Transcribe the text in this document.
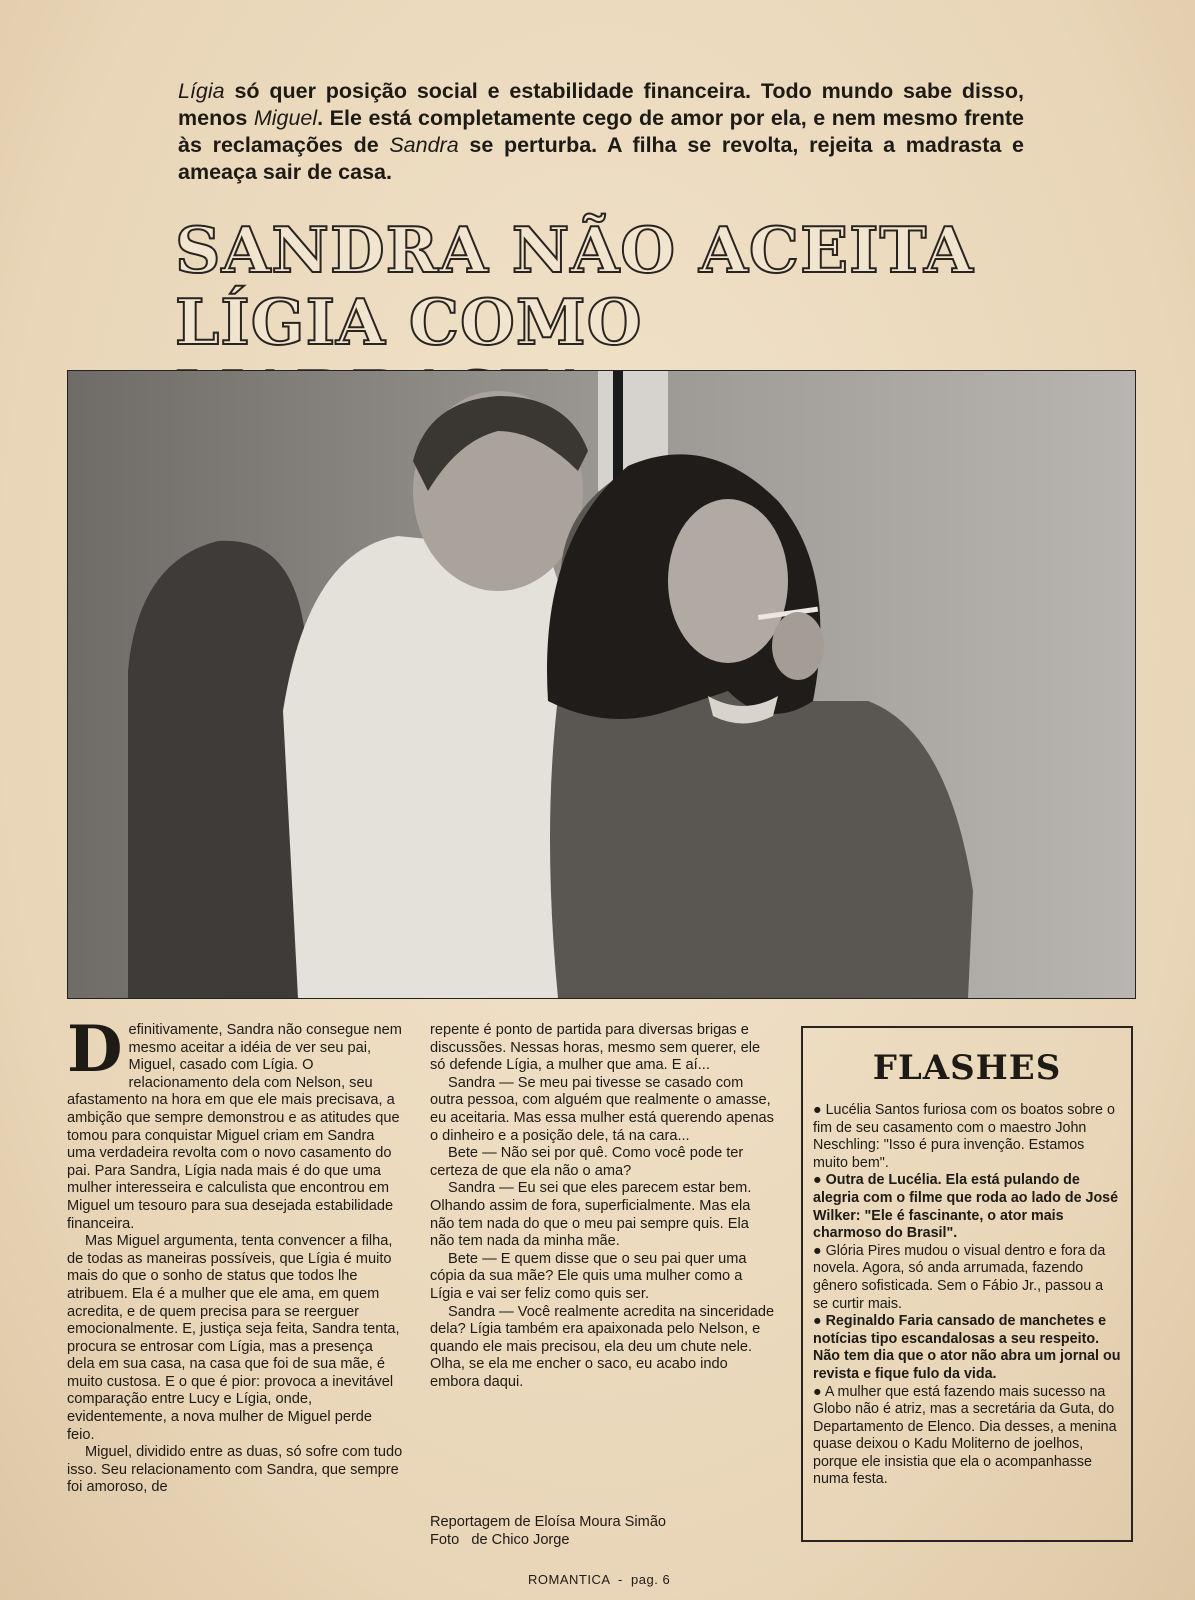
Lígia só quer posição social e estabilidade financeira. Todo mundo sabe disso, menos Miguel. Ele está completamente cego de amor por ela, e nem mesmo frente às reclamações de Sandra se perturba. A filha se revolta, rejeita a madrasta e ameaça sair de casa.
SANDRA NÃO ACEITA
LÍGIA COMO

Definitivamente, Sandra não consegue nem mesmo aceitar a idéia de ver seu pai, Miguel, casado com Lígia. O relacionamento dela com Nelson, seu afastamento na hora em que ele mais precisava, a ambição que sempre demonstrou e as atitudes que tomou para conquistar Miguel criam em Sandra uma verdadeira revolta com o novo casamento do pai. Para Sandra, Lígia nada mais é do que uma mulher interesseira e calculista que encontrou em Miguel um tesouro para sua desejada estabilidade financeira.

Mas Miguel argumenta, tenta convencer a filha, de todas as maneiras possíveis, que Lígia é muito mais do que o sonho de status que todos lhe atribuem. Ela é a mulher que ele ama, em quem acredita, e de quem precisa para se reerguer emocionalmente. E, justiça seja feita, Sandra tenta, procura se entrosar com Lígia, mas a presença dela em sua casa, na casa que foi de sua mãe, é muito custosa. E o que é pior: provoca a inevitável comparação entre Lucy e Lígia, onde, evidentemente, a nova mulher de Miguel perde feio.

Miguel, dividido entre as duas, só sofre com tudo isso. Seu relacionamento com Sandra, que sempre foi amoroso, de

repente é ponto de partida para diversas brigas e discussões. Nessas horas, mesmo sem querer, ele só defende Lígia, a mulher que ama. E aí...

Sandra — Se meu pai tivesse se casado com outra pessoa, com alguém que realmente o amasse, eu aceitaria. Mas essa mulher está querendo apenas o dinheiro e a posição dele, tá na cara...

Bete — Não sei por quê. Como você pode ter certeza de que ela não o ama?

Sandra — Eu sei que eles parecem estar bem. Olhando assim de fora, superficialmente. Mas ela não tem nada do que o meu pai sempre quis. Ela não tem nada da minha mãe.

Bete — E quem disse que o seu pai quer uma cópia da sua mãe? Ele quis uma mulher como a Lígia e vai ser feliz como quis ser.

Sandra — Você realmente acredita na sinceridade dela? Lígia também era apaixonada pelo Nelson, e quando ele mais precisou, ela deu um chute nele. Olha, se ela me encher o saco, eu acabo indo embora daqui.

Reportagem de Eloísa Moura Simão
Foto   de Chico Jorge
FLASHES

● Lucélia Santos furiosa com os boatos sobre o fim de seu casamento com o maestro John Neschling: "Isso é pura invenção. Estamos muito bem".

● Outra de Lucélia. Ela está pulando de alegria com o filme que roda ao lado de José Wilker: "Ele é fascinante, o ator mais charmoso do Brasil".

● Glória Pires mudou o visual dentro e fora da novela. Agora, só anda arrumada, fazendo gênero sofisticada. Sem o Fábio Jr., passou a se curtir mais.

● Reginaldo Faria cansado de manchetes e notícias tipo escandalosas a seu respeito. Não tem dia que o ator não abra um jornal ou revista e fique fulo da vida.

● A mulher que está fazendo mais sucesso na Globo não é atriz, mas a secretária da Guta, do Departamento de Elenco. Dia desses, a menina quase deixou o Kadu Moliterno de joelhos, porque ele insistia que ela o acompanhasse numa festa.

ROMANTICA  -  pag. 6
